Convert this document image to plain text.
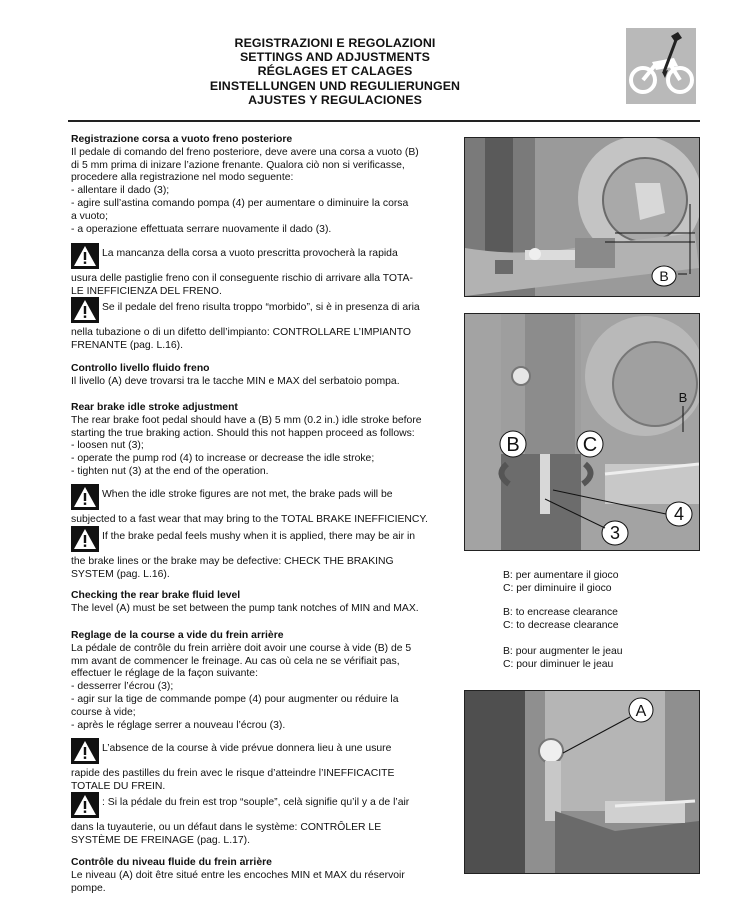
REGISTRAZIONI E REGOLAZIONI
SETTINGS AND ADJUSTMENTS
RÉGLAGES ET CALAGES
EINSTELLUNGEN UND REGULIERUNGEN
AJUSTES Y REGULACIONES

Registrazione corsa a vuoto freno posteriore

Il pedale di comando del freno posteriore, deve avere una corsa a vuoto (B)

di 5 mm prima di inizare l’azione frenante. Qualora ciò non si verificasse,

procedere alla registrazione nel modo seguente:

- allentare il dado (3);

- agire sull’astina comando pompa (4) per aumentare o diminuire la corsa

a vuoto;

- a operazione effettuata serrare nuovamente il dado (3).

La mancanza della corsa a vuoto prescritta provocherà la rapida
usura delle pastiglie freno con il conseguente rischio di arrivare alla TOTA-
LE INEFFICIENZA DEL FRENO.
Se il pedale del freno risulta troppo “morbido”, si è in presenza di aria
nella tubazione o di un difetto dell’impianto: CONTROLLARE L’IMPIANTO
FRENANTE (pag. L.16).

Controllo livello fluido freno

Il livello (A) deve trovarsi tra le tacche MIN e MAX del serbatoio pompa.

Rear brake idle stroke adjustment

The rear brake foot pedal should have a (B) 5 mm (0.2 in.) idle stroke before

starting the true braking action. Should this not happen proceed as follows:

- loosen nut (3);

- operate the pump rod (4) to increase or decrease the idle stroke;

- tighten nut (3) at the end of the operation.

When the idle stroke figures are not met, the brake pads will be
subjected to a fast wear that may bring to the TOTAL BRAKE INEFFICIENCY.
If the brake pedal feels mushy when it is applied, there may be air in
the brake lines or the brake may be defective: CHECK THE BRAKING
SYSTEM (pag. L.16).

Checking the rear brake fluid level

The level (A) must be set between the pump tank notches of MIN and MAX.

Reglage de la course a vide du frein arrière

La pédale de contrôle du frein arrière doit avoir une course à vide (B) de 5

mm avant de commencer le freinage. Au cas où cela ne se vérifiait pas,

effectuer le réglage de la façon suivante:

- desserrer l’écrou (3);

- agir sur la tige de commande pompe (4) pour augmenter ou réduire la

course à vide;

- après le réglage serrer a nouveau l’écrou (3).

L’absence de la course à vide prévue donnera lieu à une usure
rapide des pastilles du frein avec le risque d’atteindre l’INEFFICACITE
TOTALE DU FREIN.
: Si la pédale du frein est trop “souple”, celà signifie qu’il y a de l’air
dans la tuyauterie, ou un défaut dans le système: CONTRÔLER LE
SYSTÈME DE FREINAGE (pag. L.17).

Contrôle du niveau fluide du frein arrière

Le niveau (A) doit être situé entre les encoches MIN et MAX du réservoir

pompe.

B
B	C
B
4
3
B: per aumentare il gioco
C: per diminuire il gioco
B: to encrease clearance
C: to decrease clearance
B: pour augmenter le jeau
C: pour diminuer le jeau
A
